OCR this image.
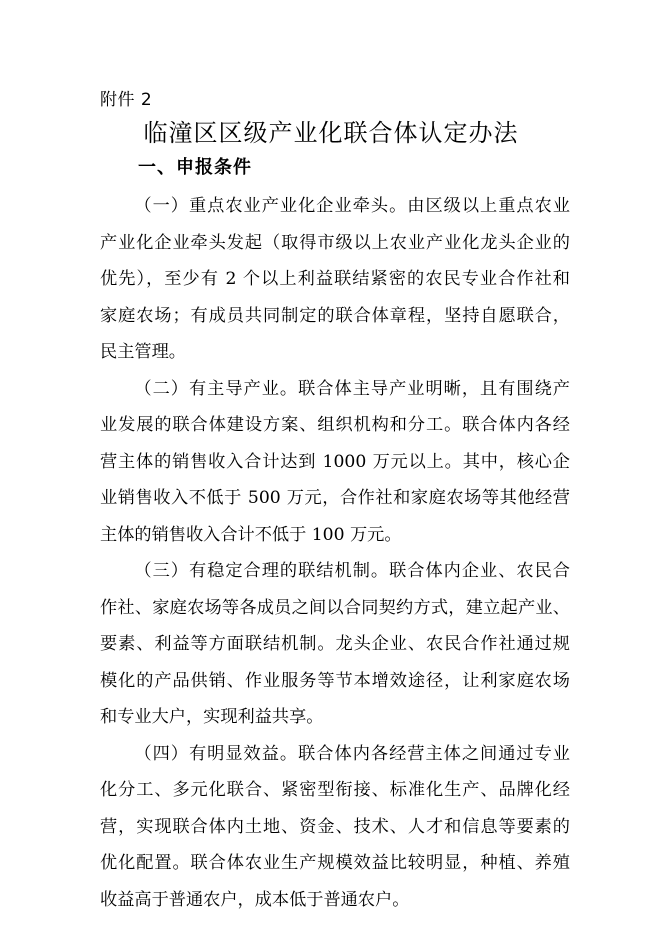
附件 2
临潼区区级产业化联合体认定办法
一、申报条件

（一）重点农业产业化企业牵头。由区级以上重点农业
产业化企业牵头发起（取得市级以上农业产业化龙头企业的
优先），至少有 2 个以上利益联结紧密的农民专业合作社和
家庭农场；有成员共同制定的联合体章程，坚持自愿联合，
民主管理。

（二）有主导产业。联合体主导产业明晰，且有围绕产
业发展的联合体建设方案、组织机构和分工。联合体内各经
营主体的销售收入合计达到 1000 万元以上。其中，核心企
业销售收入不低于 500 万元，合作社和家庭农场等其他经营
主体的销售收入合计不低于 100 万元。

（三）有稳定合理的联结机制。联合体内企业、农民合
作社、家庭农场等各成员之间以合同契约方式，建立起产业、
要素、利益等方面联结机制。龙头企业、农民合作社通过规
模化的产品供销、作业服务等节本增效途径，让利家庭农场
和专业大户，实现利益共享。

（四）有明显效益。联合体内各经营主体之间通过专业
化分工、多元化联合、紧密型衔接、标准化生产、品牌化经
营，实现联合体内土地、资金、技术、人才和信息等要素的
优化配置。联合体农业生产规模效益比较明显，种植、养殖
收益高于普通农户，成本低于普通农户。
